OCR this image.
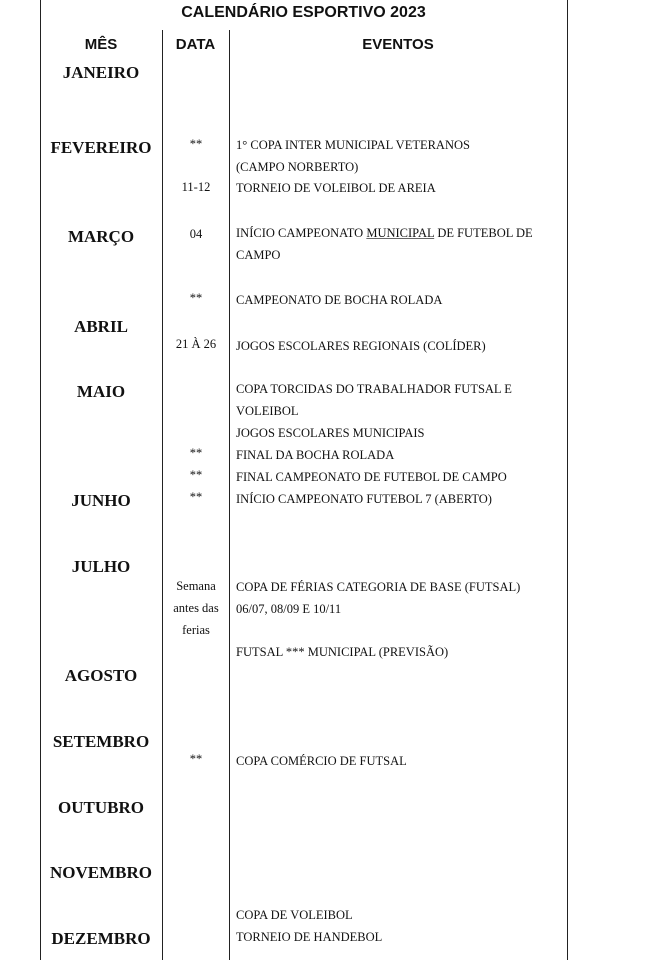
CALENDÁRIO ESPORTIVO 2023
MÊS	DATA	EVENTOS
JANEIRO
FEVEREIRO
MARÇO
ABRIL
MAIO
JUNHO
JULHO
AGOSTO
SETEMBRO
OUTUBRO
NOVEMBRO
DEZEMBRO
**
11-12
04
**
21 À 26
**
**
**
Semana
antes das
ferias
**
1° COPA INTER MUNICIPAL VETERANOS
(CAMPO NORBERTO)
TORNEIO DE VOLEIBOL DE AREIA
INÍCIO CAMPEONATO MUNICIPAL DE FUTEBOL DE
CAMPO
CAMPEONATO DE BOCHA ROLADA
JOGOS ESCOLARES REGIONAIS (COLÍDER)
COPA TORCIDAS DO TRABALHADOR FUTSAL E
VOLEIBOL
JOGOS ESCOLARES MUNICIPAIS
FINAL DA BOCHA ROLADA
FINAL CAMPEONATO DE FUTEBOL DE CAMPO
INÍCIO CAMPEONATO FUTEBOL 7 (ABERTO)
COPA DE FÉRIAS CATEGORIA DE BASE (FUTSAL)
06/07, 08/09 E 10/11
FUTSAL *** MUNICIPAL (PREVISÃO)
COPA COMÉRCIO DE FUTSAL
COPA DE VOLEIBOL
TORNEIO DE HANDEBOL
